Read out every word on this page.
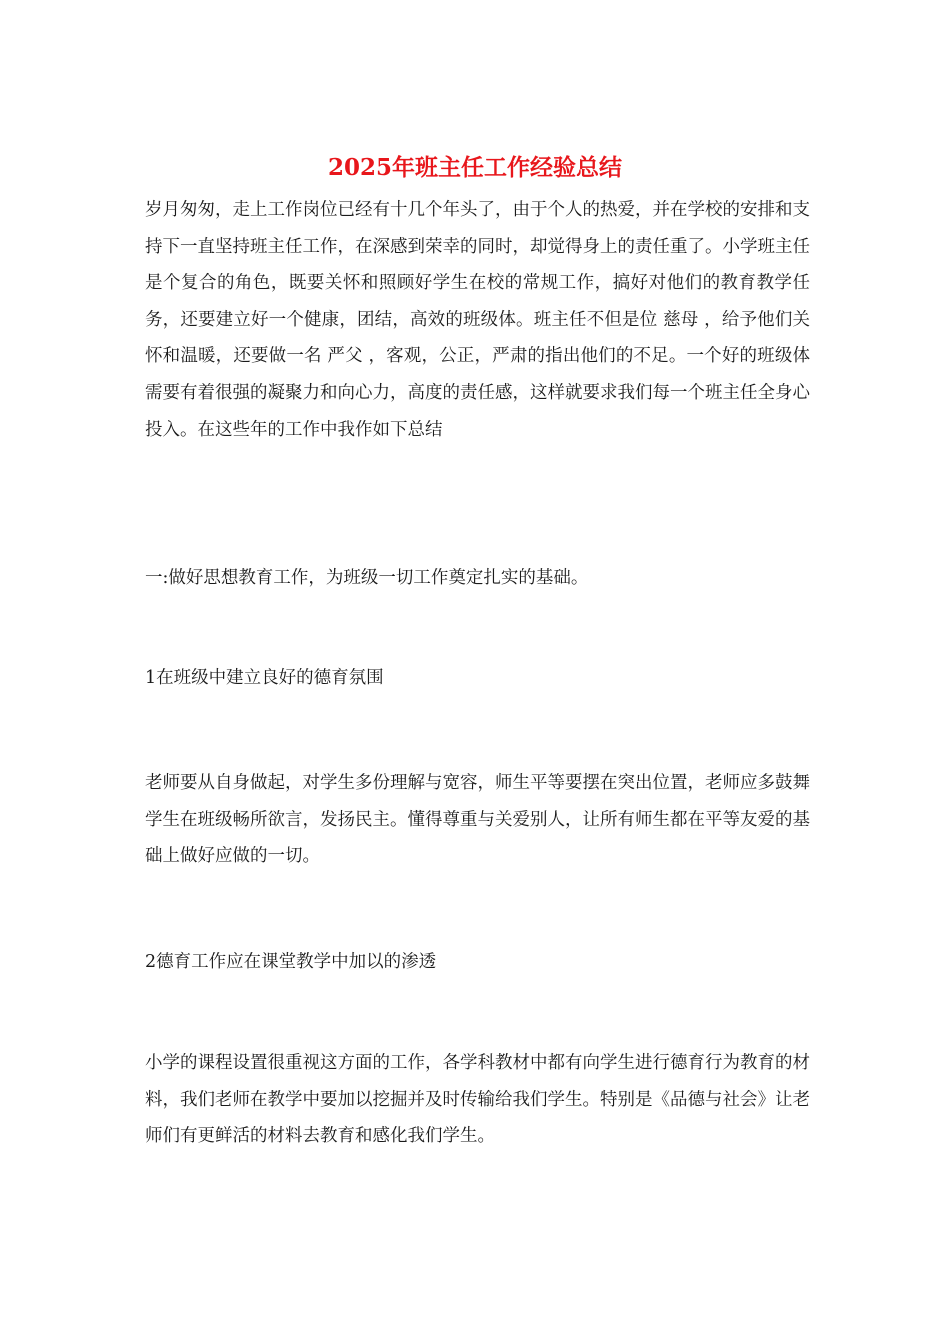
2025年班主任工作经验总结

岁月匆匆，走上工作岗位已经有十几个年头了，由于个人的热爱，并在学校的安排和支持下一直坚持班主任工作，在深感到荣幸的同时，却觉得身上的责任重了。小学班主任是个复合的角色，既要关怀和照顾好学生在校的常规工作，搞好对他们的教育教学任务，还要建立好一个健康，团结，高效的班级体。班主任不但是位 慈母 ，给予他们关怀和温暖，还要做一名 严父 ，客观，公正，严肃的指出他们的不足。一个好的班级体需要有着很强的凝聚力和向心力，高度的责任感，这样就要求我们每一个班主任全身心投入。在这些年的工作中我作如下总结

一:做好思想教育工作，为班级一切工作奠定扎实的基础。

1在班级中建立良好的德育氛围

老师要从自身做起，对学生多份理解与宽容，师生平等要摆在突出位置，老师应多鼓舞学生在班级畅所欲言，发扬民主。懂得尊重与关爱别人，让所有师生都在平等友爱的基础上做好应做的一切。

2德育工作应在课堂教学中加以的渗透

小学的课程设置很重视这方面的工作，各学科教材中都有向学生进行德育行为教育的材料，我们老师在教学中要加以挖掘并及时传输给我们学生。特别是《品德与社会》让老师们有更鲜活的材料去教育和感化我们学生。
